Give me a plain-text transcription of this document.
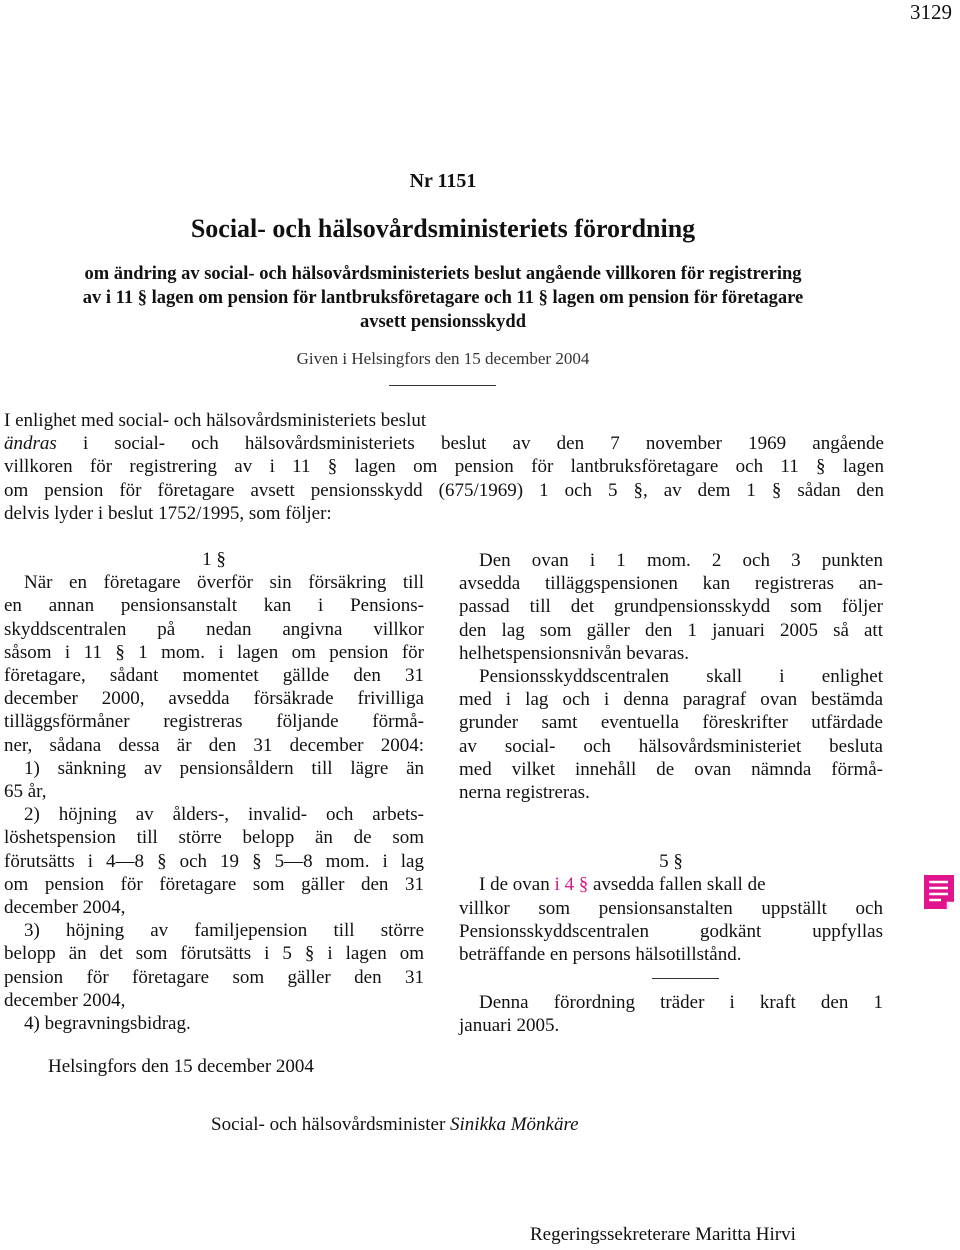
3129
Nr 1151
Social- och hälsovårdsministeriets förordning
om ändring av social- och hälsovårdsministeriets beslut angående villkoren för registrering
av i 11 § lagen om pension för lantbruksföretagare och 11 § lagen om pension för företagare
avsett pensionsskydd
Given i Helsingfors den 15 december 2004
I enlighet med social- och hälsovårdsministeriets beslut
ändras i social- och hälsovårdsministeriets beslut av den 7 november 1969 angående
villkoren för registrering av i 11 § lagen om pension för lantbruksföretagare och 11 § lagen
om pension för företagare avsett pensionsskydd (675/1969) 1 och 5 §, av dem 1 § sådan den
delvis lyder i beslut 1752/1995, som följer:
1 §
När en företagare överför sin försäkring till
en annan pensionsanstalt kan i Pensions-
skyddscentralen på nedan angivna villkor
såsom i 11 § 1 mom. i lagen om pension för
företagare, sådant momentet gällde den 31
december 2000, avsedda försäkrade frivilliga
tilläggsförmåner registreras följande förmå-
ner, sådana dessa är den 31 december 2004:
1) sänkning av pensionsåldern till lägre än
65 år,
2) höjning av ålders-, invalid- och arbets-
löshetspension till större belopp än de som
förutsätts i 4—8 § och 19 § 5—8 mom. i lag
om pension för företagare som gäller den 31
december 2004,
3) höjning av familjepension till större
belopp än det som förutsätts i 5 § i lagen om
pension för företagare som gäller den 31
december 2004,
4) begravningsbidrag.
Den ovan i 1 mom. 2 och 3 punkten
avsedda tilläggspensionen kan registreras an-
passad till det grundpensionsskydd som följer
den lag som gäller den 1 januari 2005 så att
helhetspensionsnivån bevaras.
Pensionsskyddscentralen skall i enlighet
med i lag och i denna paragraf ovan bestämda
grunder samt eventuella föreskrifter utfärdade
av social- och hälsovårdsministeriet besluta
med vilket innehåll de ovan nämnda förmå-
nerna registreras.
5 §
I de ovan i 4 § avsedda fallen skall de
villkor som pensionsanstalten uppställt och
Pensionsskyddscentralen godkänt uppfyllas
beträffande en persons hälsotillstånd.
Denna förordning träder i kraft den 1
januari 2005.
Helsingfors den 15 december 2004
Social- och hälsovårdsminister Sinikka Mönkäre
Regeringssekreterare Maritta Hirvi
